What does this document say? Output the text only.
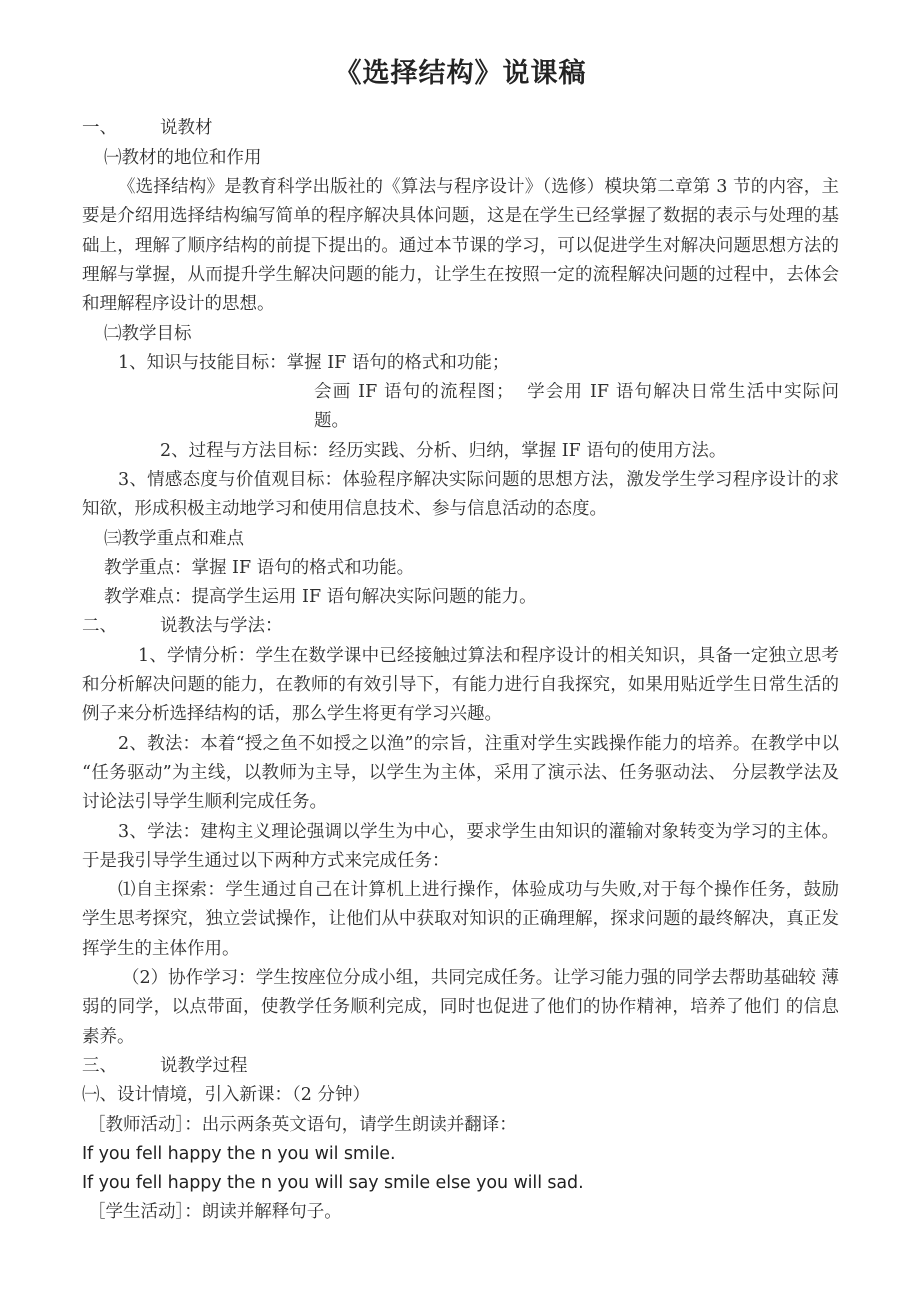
《选择结构》说课稿

一、 说教材

㈠教材的地位和作用

《选择结构》是教育科学出版社的《算法与程序设计》（选修）模块第二章第 3 节的内容，主要是介绍用选择结构编写简单的程序解决具体问题，这是在学生已经掌握了数据的表示与处理的基础上，理解了顺序结构的前提下提出的。通过本节课的学习，可以促进学生对解决问题思想方法的理解与掌握，从而提升学生解决问题的能力，让学生在按照一定的流程解决问题的过程中，去体会和理解程序设计的思想。

㈡教学目标

1、知识与技能目标：掌握 IF 语句的格式和功能；

会画 IF 语句的流程图；  学会用 IF 语句解决日常生活中实际问题。

2、过程与方法目标：经历实践、分析、归纳，掌握 IF 语句的使用方法。

3、情感态度与价值观目标：体验程序解决实际问题的思想方法，激发学生学习程序设计的求知欲，形成积极主动地学习和使用信息技术、参与信息活动的态度。

㈢教学重点和难点

教学重点：掌握 IF 语句的格式和功能。

教学难点：提高学生运用 IF 语句解决实际问题的能力。

二、 说教法与学法：

1、学情分析：学生在数学课中已经接触过算法和程序设计的相关知识，具备一定独立思考和分析解决问题的能力，在教师的有效引导下，有能力进行自我探究，如果用贴近学生日常生活的例子来分析选择结构的话，那么学生将更有学习兴趣。

2、教法：本着“授之鱼不如授之以渔”的宗旨，注重对学生实践操作能力的培养。在教学中以“任务驱动”为主线，以教师为主导，以学生为主体，采用了演示法、任务驱动法、 分层教学法及讨论法引导学生顺利完成任务。

3、学法：建构主义理论强调以学生为中心，要求学生由知识的灌输对象转变为学习的主体。于是我引导学生通过以下两种方式来完成任务：

⑴自主探索：学生通过自己在计算机上进行操作，体验成功与失败,对于每个操作任务，鼓励学生思考探究，独立尝试操作，让他们从中获取对知识的正确理解，探求问题的最终解决，真正发挥学生的主体作用。

（2）协作学习：学生按座位分成小组，共同完成任务。让学习能力强的同学去帮助基础较 薄弱的同学，以点带面，使教学任务顺利完成，同时也促进了他们的协作精神，培养了他们 的信息素养。

三、 说教学过程

㈠、设计情境，引入新课：（2 分钟）

［教师活动］：出示两条英文语句，请学生朗读并翻译：

If you fell happy the n you wil smile.

If you fell happy the n you will say smile else you will sad.

［学生活动］：朗读并解释句子。
